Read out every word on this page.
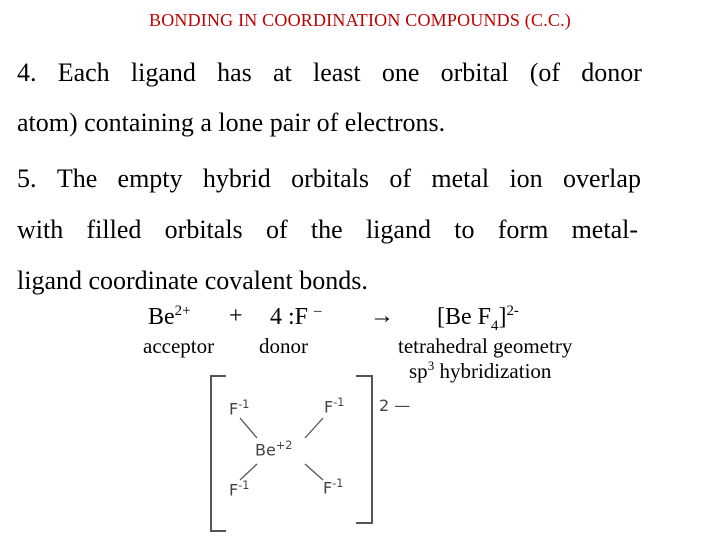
BONDING IN COORDINATION COMPOUNDS (C.C.)
4. Each ligand has at least one orbital (of donor
atom) containing a lone pair of electrons.
5. The empty hybrid orbitals of metal ion overlap
with filled orbitals of the ligand to form metal-
ligand coordinate covalent bonds.
$Be^{2+} + 4$ :F – → [Be $F_4]^{2-}$
acceptor donor	tetrahedral geometry
$sp^3$ hybridization
$F^{-1}$	$F^{-1}$
$Be^{+2}$
$F^{-1}$	$F^{-1}$
2 —
